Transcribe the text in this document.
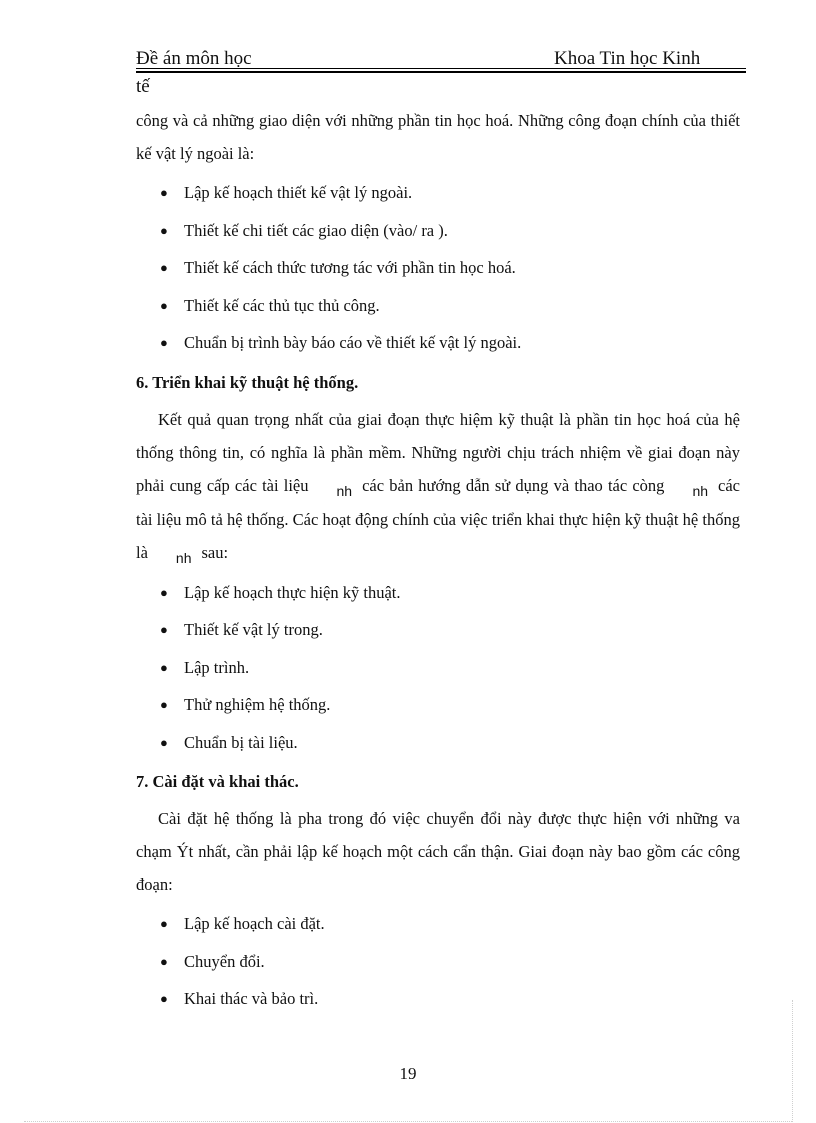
Đề án môn học	Khoa Tin học Kinh
tế

công và cả những giao diện với những phần tin học hoá. Những công đoạn chính của thiết kế vật lý ngoài là:

● Lập kế hoạch thiết kế vật lý ngoài.
● Thiết kế chi tiết các giao diện (vào/ ra ).
● Thiết kế cách thức tương tác với phần tin học hoá.
● Thiết kế các thủ tục thủ công.
● Chuẩn bị trình bày báo cáo về thiết kế vật lý ngoài.

6. Triển khai kỹ thuật hệ thống.

Kết quả quan trọng nhất của giai đoạn thực hiệm kỹ thuật là phần tin học hoá của hệ thống thông tin, có nghĩa là phần mềm. Những người chịu trách nhiệm về giai đoạn này phải cung cấp các tài liệu nh các bản hướng dẫn sử dụng và thao tác còng nh các tài liệu mô tả hệ thống. Các hoạt động chính của việc triển khai thực hiện kỹ thuật hệ thống là nh sau:

● Lập kế hoạch thực hiện kỹ thuật.
● Thiết kế vật lý trong.
● Lập trình.
● Thử nghiệm hệ thống.
● Chuẩn bị tài liệu.

7. Cài đặt và khai thác.

Cài đặt hệ thống là pha trong đó việc chuyển đổi này được thực hiện với những va chạm Ýt nhất, cần phải lập kế hoạch một cách cẩn thận. Giai đoạn này bao gồm các công đoạn:

● Lập kế hoạch cài đặt.
● Chuyển đổi.
● Khai thác và bảo trì.
19
